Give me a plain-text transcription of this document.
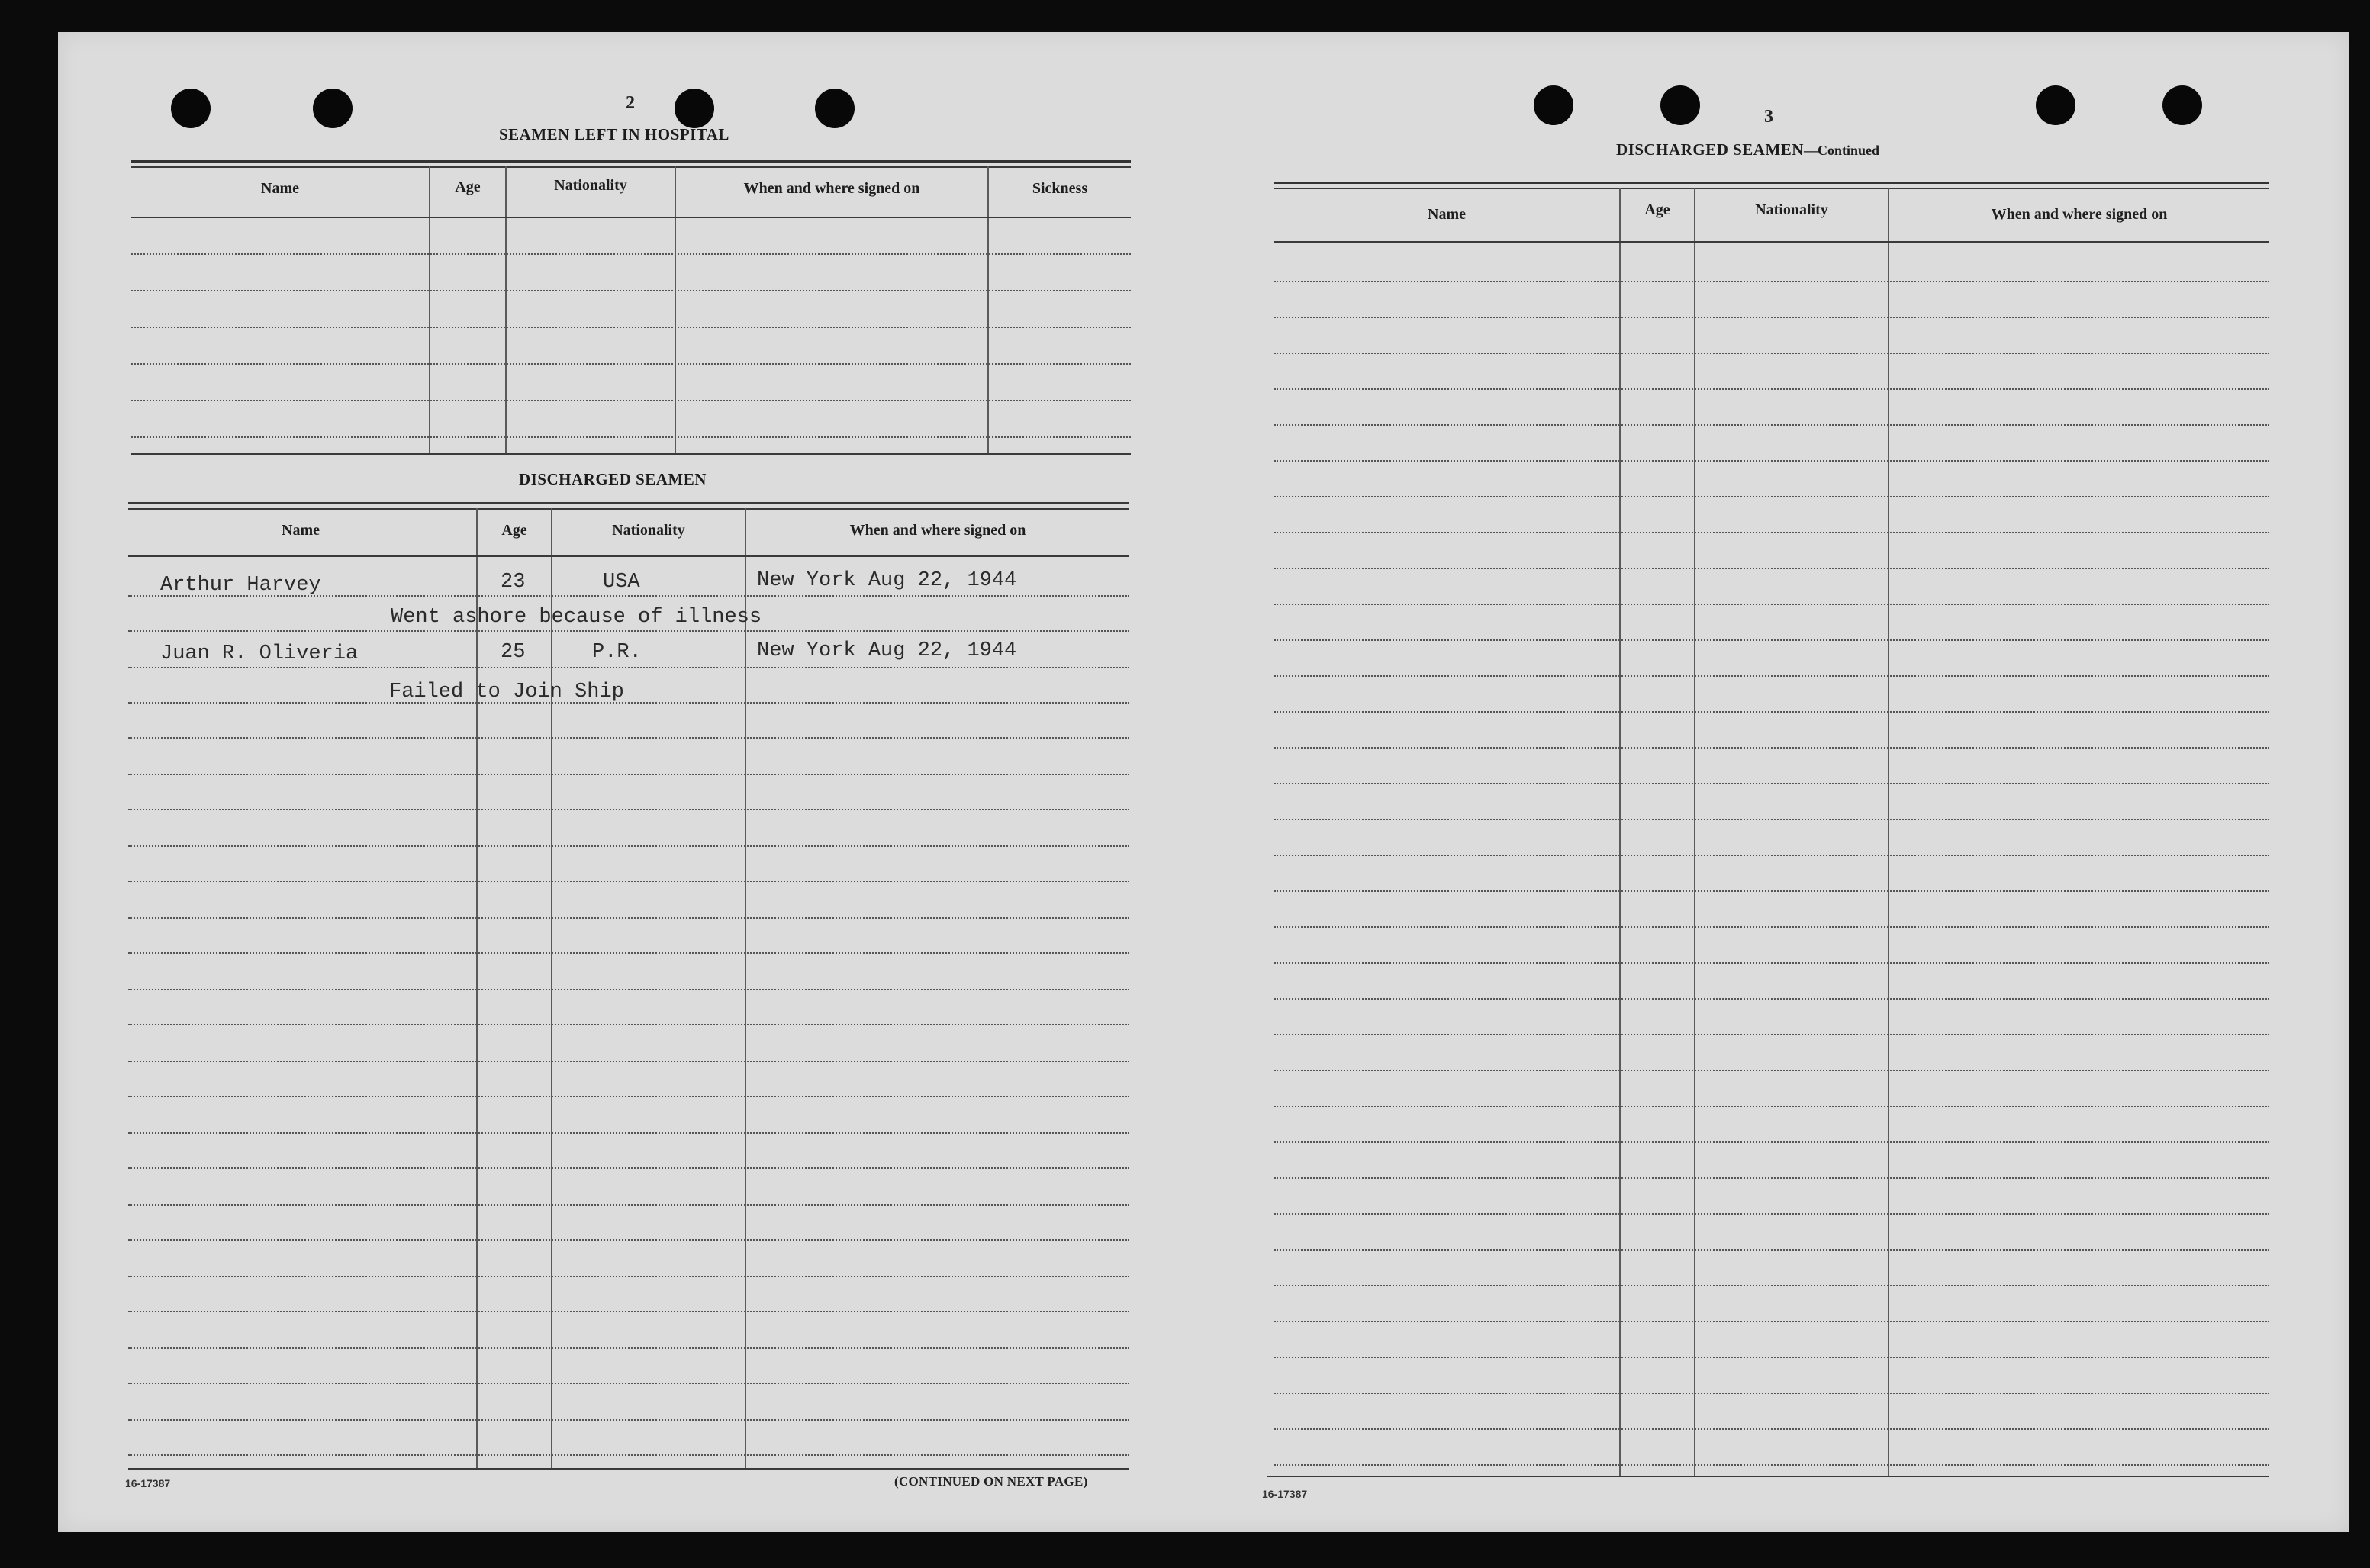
2
SEAMEN LEFT IN HOSPITAL
Name	Age	Nationality	When and where signed on	Sickness
DISCHARGED SEAMEN
Name	Age	Nationality	When and where signed on
Arthur Harvey	23	USA	New York Aug 22, 1944
Went ashore because of illness
Juan R. Oliveria	25	P.R.	New York Aug 22, 1944
Failed to Join Ship
16-17387	(CONTINUED ON NEXT PAGE)
3
DISCHARGED SEAMEN—Continued
Name	Age	Nationality	When and where signed on
16-17387
